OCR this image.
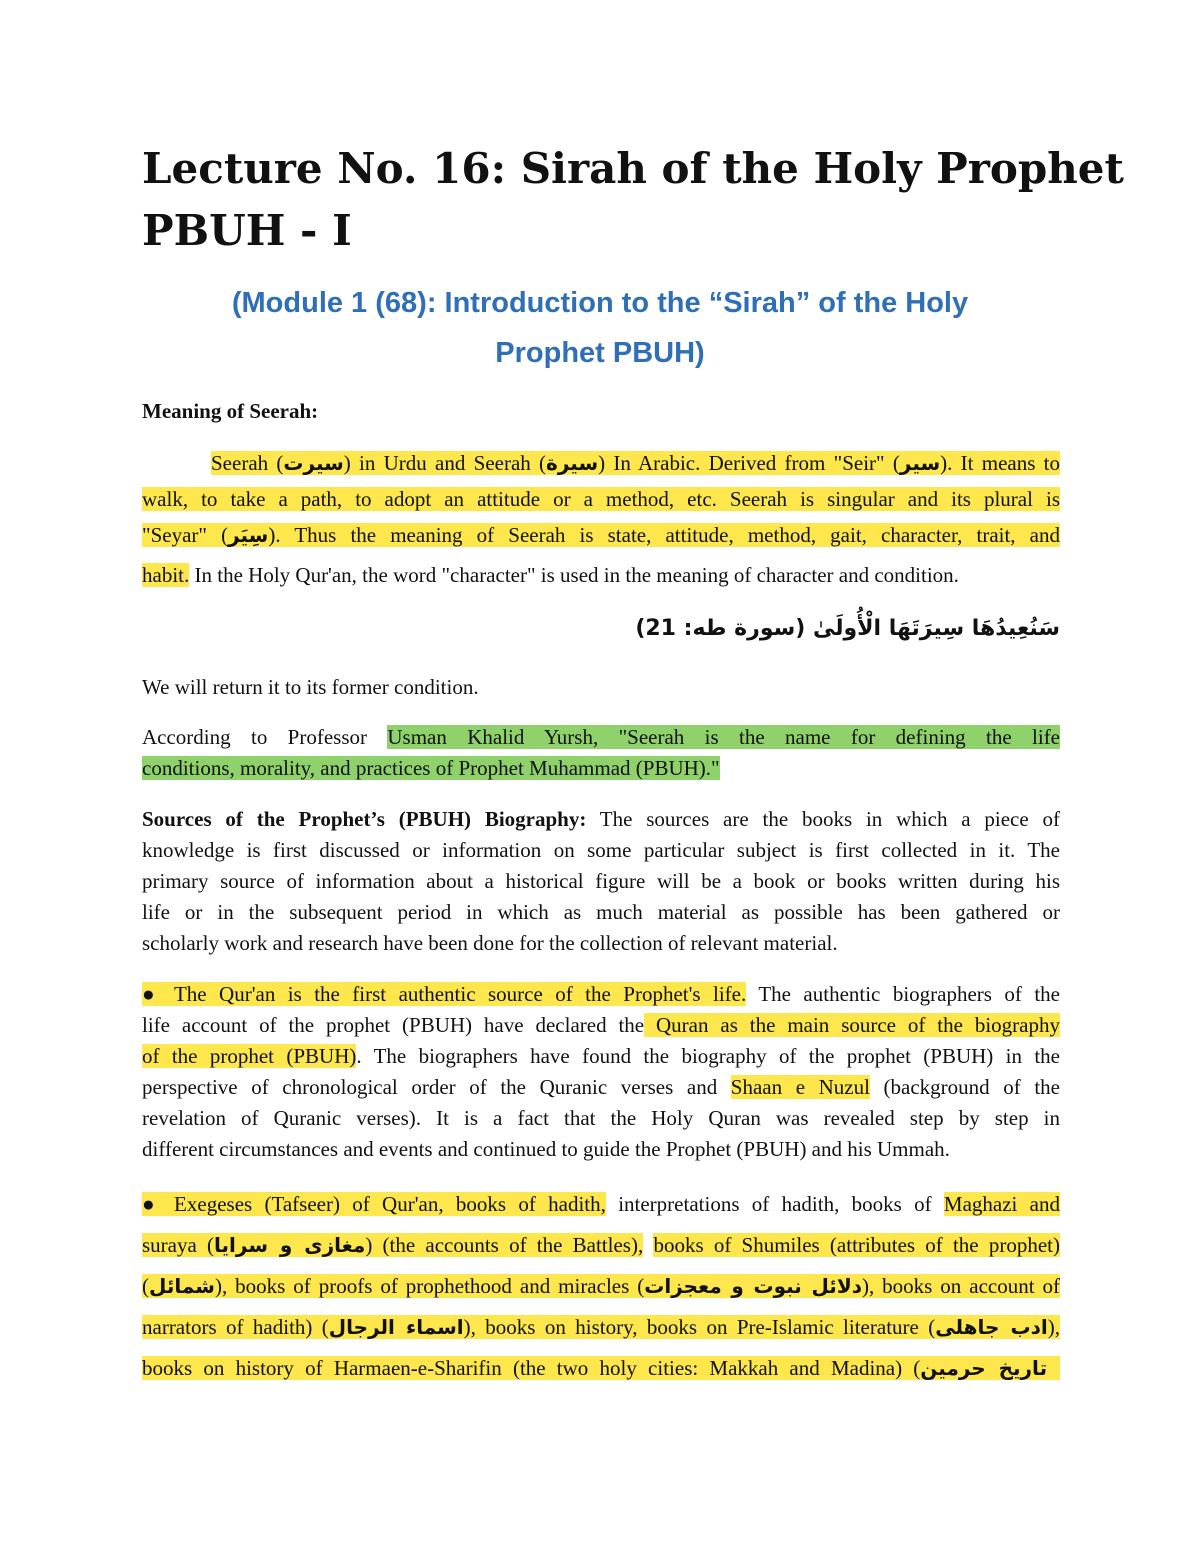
Lecture No. 16: Sirah of the Holy Prophet
PBUH - I
(Module 1 (68): Introduction to the “Sirah” of the Holy
Prophet PBUH)

Meaning of Seerah:

Seerah (سیرت) in Urdu and Seerah (سیرة) In Arabic. Derived from "Seir" (سیر). It means to
walk, to take a path, to adopt an attitude or a method, etc. Seerah is singular and its plural is
"Seyar" (سِيَر). Thus the meaning of Seerah is state, attitude, method, gait, character, trait, and
habit. In the Holy Qur'an, the word "character" is used in the meaning of character and condition.

سَنُعِيدُهَا سِيرَتَهَا الْأُولَىٰ (سورة طه: 21)

We will return it to its former condition.

According to Professor Usman Khalid Yursh, "Seerah is the name for defining the life
conditions, morality, and practices of Prophet Muhammad (PBUH)."
Sources of the Prophet’s (PBUH) Biography: The sources are the books in which a piece of
knowledge is first discussed or information on some particular subject is first collected in it. The
primary source of information about a historical figure will be a book or books written during his
life or in the subsequent period in which as much material as possible has been gathered or
scholarly work and research have been done for the collection of relevant material.
● The Qur'an is the first authentic source of the Prophet's life. The authentic biographers of the
life account of the prophet (PBUH) have declared the Quran as the main source of the biography
of the prophet (PBUH). The biographers have found the biography of the prophet (PBUH) in the
perspective of chronological order of the Quranic verses and Shaan e Nuzul (background of the
revelation of Quranic verses). It is a fact that the Holy Quran was revealed step by step in
different circumstances and events and continued to guide the Prophet (PBUH) and his Ummah.
● Exegeses (Tafseer) of Qur'an, books of hadith, interpretations of hadith, books of Maghazi and
suraya (مغازی و سرایا) (the accounts of the Battles), books of Shumiles (attributes of the prophet)
(شمائل), books of proofs of prophethood and miracles (دلائل نبوت و معجزات), books on account of
narrators of hadith) (اسماء الرجال), books on history, books on Pre-Islamic literature (ادب جاهلی),
books on history of Harmaen-e-Sharifin (the two holy cities: Makkah and Madina) ( تاریخ حرمین
